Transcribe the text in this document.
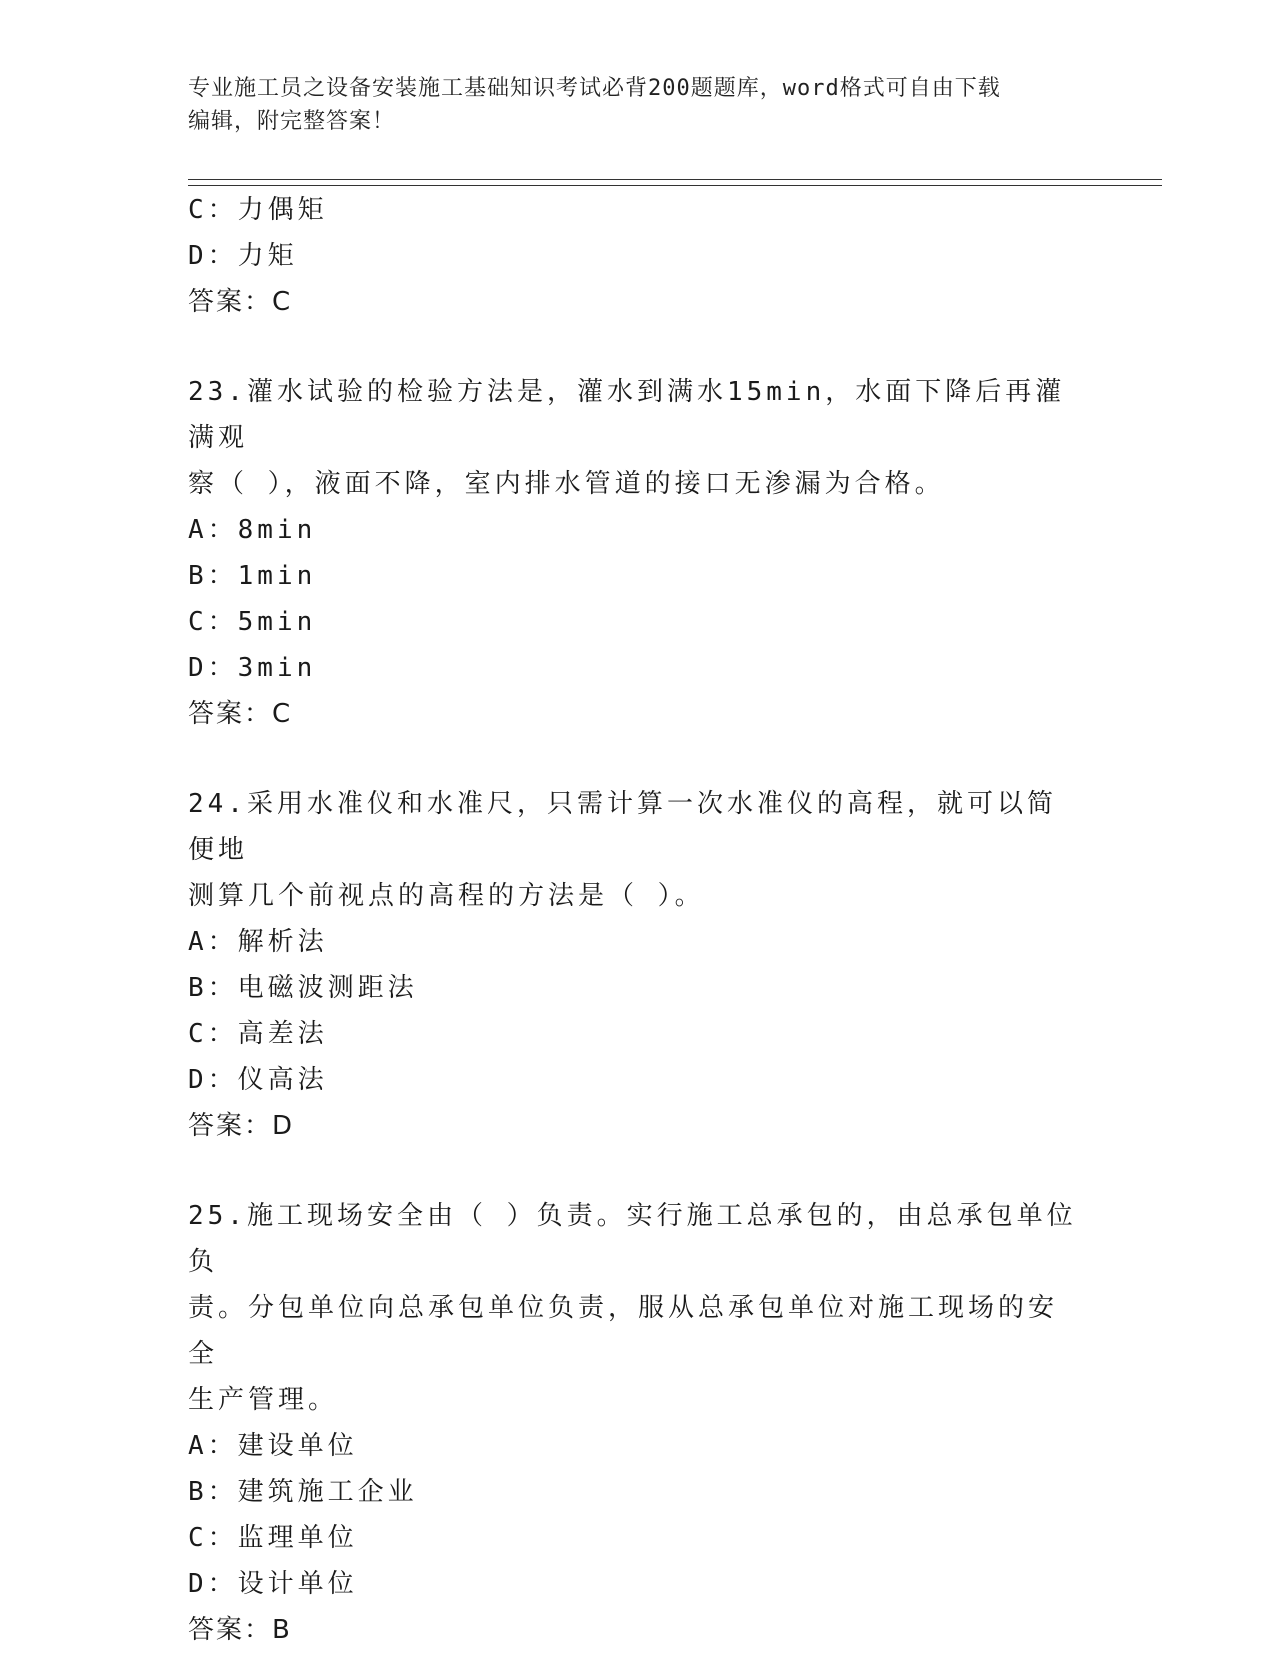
专业施工员之设备安装施工基础知识考试必背200题题库，word格式可自由下载
编辑，附完整答案！
C：力偶矩
D：力矩
答案：C
23.灌水试验的检验方法是，灌水到满水15min，水面下降后再灌满观
察（ ），液面不降，室内排水管道的接口无渗漏为合格。
A：8min
B：1min
C：5min
D：3min
答案：C
24.采用水准仪和水准尺，只需计算一次水准仪的高程，就可以简便地
测算几个前视点的高程的方法是（ ）。
A：解析法
B：电磁波测距法
C：高差法
D：仪高法
答案：D
25.施工现场安全由（ ）负责。实行施工总承包的，由总承包单位负
责。分包单位向总承包单位负责，服从总承包单位对施工现场的安全
生产管理。
A：建设单位
B：建筑施工企业
C：监理单位
D：设计单位
答案：B
